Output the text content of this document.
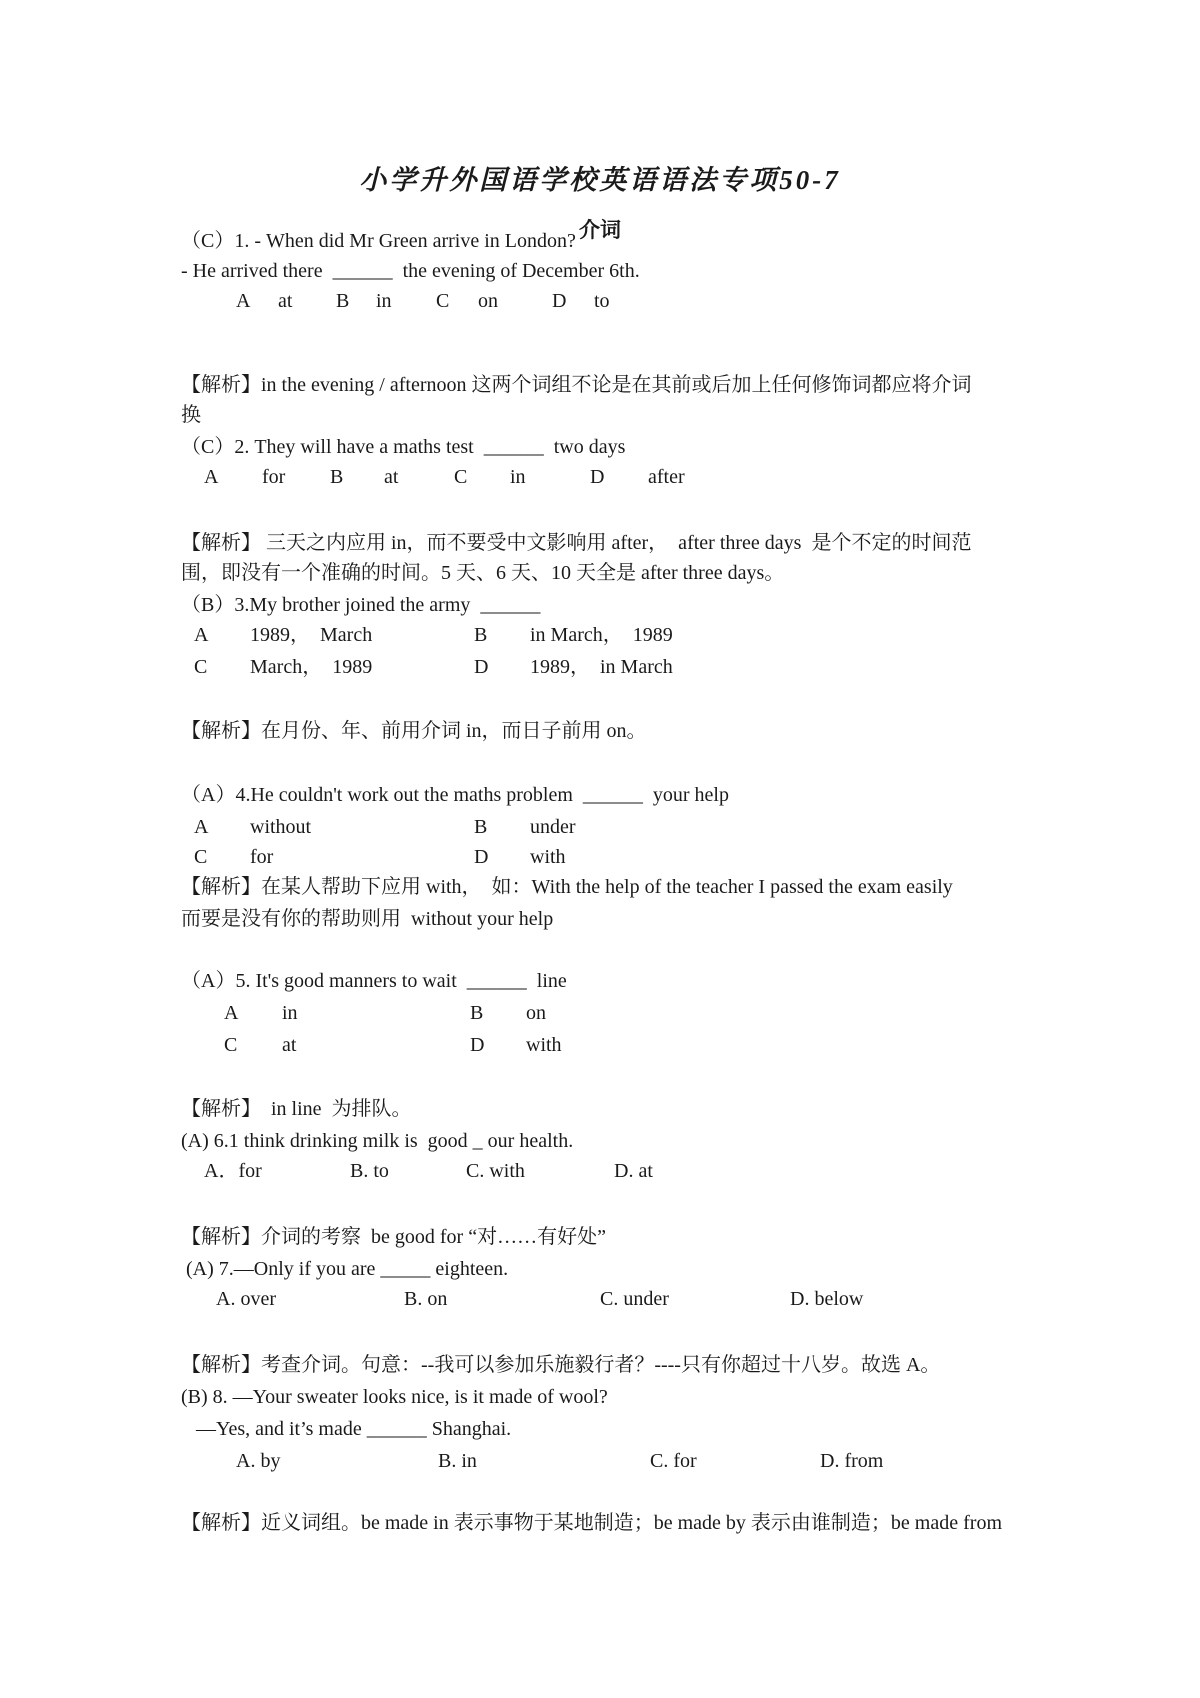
小学升外国语学校英语语法专项50-7
介词
（C）1. - When did Mr Green arrive in London?
- He arrived there  ______  the evening of December 6th.
A at B in C on	D to
【解析】in the evening / afternoon 这两个词组不论是在其前或后加上任何修饰词都应将介词
换
（C）2. They will have a maths test  ______  two days
A for B at	C in	D after
【解析】 三天之内应用 in，而不要受中文影响用 after，  after three days  是个不定的时间范
围，即没有一个准确的时间。5 天、6 天、10 天全是 after three days。
（B）3.My brother joined the army  ______
A 1989，  March	B in March，  1989
C March，  1989	D 1989，  in March
【解析】在月份、年、前用介词 in，而日子前用 on。
（A）4.He couldn't work out the maths problem  ______  your help
A without	B under
C for	D with
【解析】在某人帮助下应用 with，  如：With the help of the teacher I passed the exam easily
而要是没有你的帮助则用  without your help
（A）5. It's good manners to wait  ______  line
A in	B on
C at	D with
【解析】  in line  为排队。
(A) 6.1 think drinking milk is  good _ our health.
A．for	B. to	C. with	D. at
【解析】介词的考察  be good for “对……有好处”
(A) 7.—Only if you are _____ eighteen.
A. over	B. on	C. under	D. below
【解析】考查介词。句意：--我可以参加乐施毅行者？----只有你超过十八岁。故选 A。
(B) 8. —Your sweater looks nice, is it made of wool?
—Yes, and it’s made ______ Shanghai.
A. by	B. in	C. for	D. from
【解析】近义词组。be made in 表示事物于某地制造；be made by 表示由谁制造；be made from
